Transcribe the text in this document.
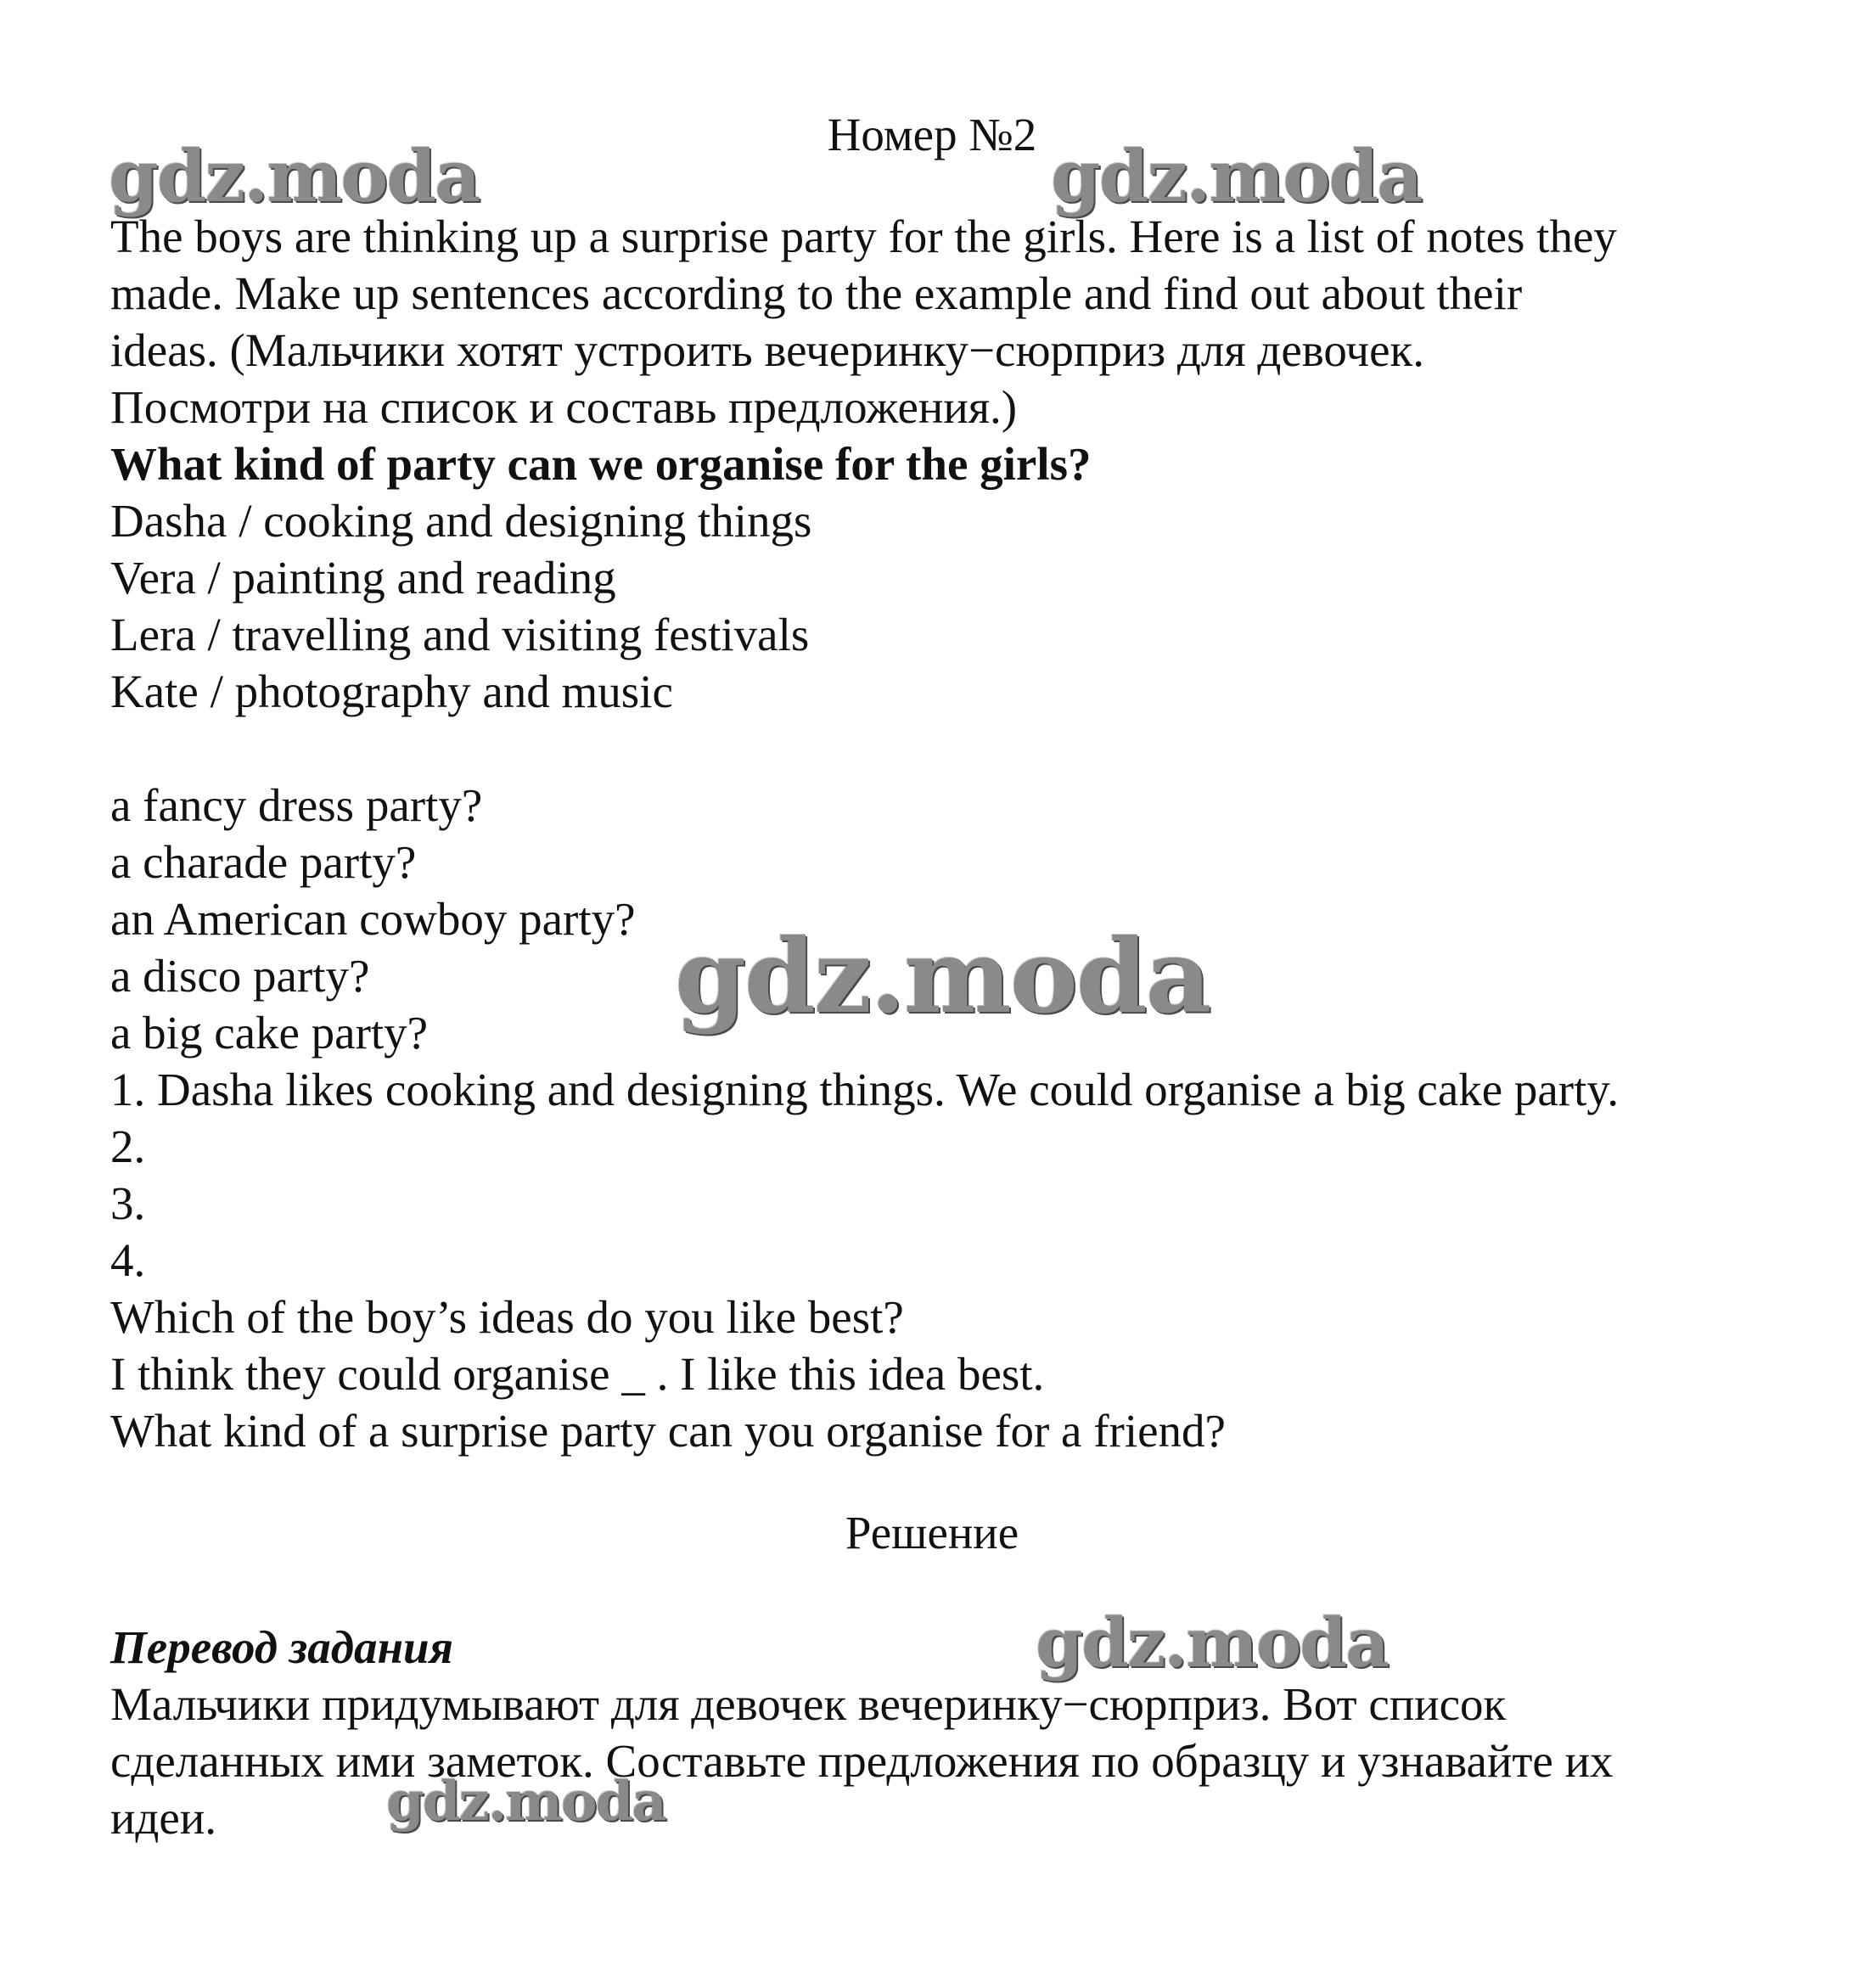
Номер №2
The boys are thinking up a surprise party for the girls. Here is a list of notes they
made. Make up sentences according to the example and find out about their
ideas. (Мальчики хотят устроить вечеринку−сюрприз для девочек.
Посмотри на список и составь предложения.)
What kind of party can we organise for the girls?
Dasha / cooking and designing things
Vera / painting and reading
Lera / travelling and visiting festivals
Kate / photography and music
a fancy dress party?
a charade party?
an American cowboy party?
a disco party?
a big cake party?
1. Dasha likes cooking and designing things. We could organise a big cake party.
2.
3.
4.
Which of the boy’s ideas do you like best?
I think they could organise _ . I like this idea best.
What kind of a surprise party can you organise for a friend?
Решение
Перевод задания
Мальчики придумывают для девочек вечеринку−сюрприз. Вот список
сделанных ими заметок. Составьте предложения по образцу и узнавайте их
идеи.
gdz.moda	gdz.moda
gdz.moda
gdz.moda
gdz.moda
